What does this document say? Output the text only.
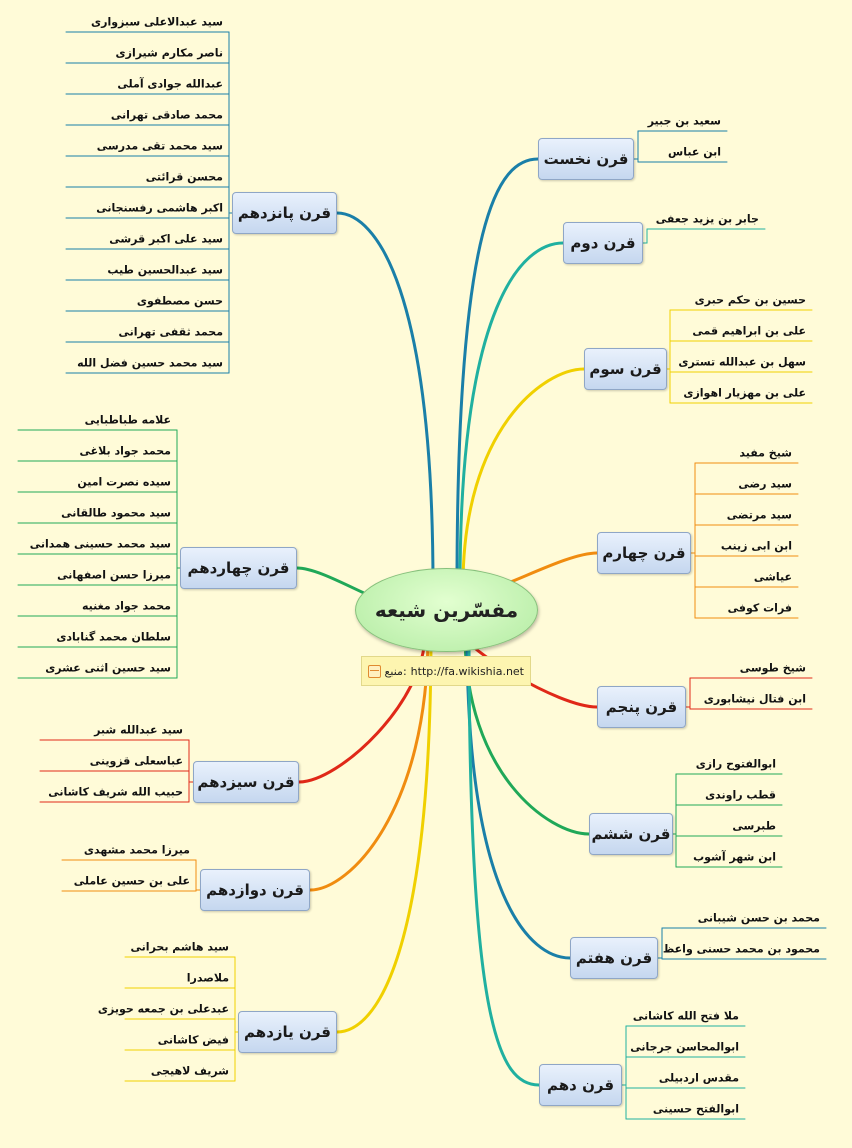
قرن نخست
سعید بن جبیر
ابن عباس
قرن دوم
جابر بن یزید جعفی
قرن سوم
حسین بن حکم حبری
علی بن ابراهیم قمی
سهل بن عبدالله تستری
علی بن مهزیار اهوازی
قرن چهارم
شیخ مفید
سید رضی
سید مرتضی
ابن ابی زینب
عیاشی
فرات کوفی
قرن پنجم
شیخ طوسی
ابن فتال نیشابوری
قرن ششم
ابوالفتوح رازی
قطب راوندی
طبرسی
ابن شهر آشوب
قرن هفتم
محمد بن حسن شیبانی
محمود بن محمد حسنی واعظ
قرن دهم
ملا فتح الله کاشانی
ابوالمحاسن جرجانی
مقدس اردبیلی
ابوالفتح حسینی
قرن یازدهم
سید هاشم بحرانی
ملاصدرا
عبدعلی بن جمعه حویزی
فیض کاشانی
شریف لاهیجی
قرن دوازدهم
میرزا محمد مشهدی
علی بن حسین عاملی
قرن سیزدهم
سید عبدالله شبر
عباسعلی قزوینی
حبیب الله شریف کاشانی
قرن چهاردهم
علامه طباطبایی
محمد جواد بلاغی
سیده نصرت امین
سید محمود طالقانی
سید محمد حسینی همدانی
میرزا حسن اصفهانی
محمد جواد مغنیه
سلطان محمد گنابادی
سید حسین اثنی عشری
قرن پانزدهم
سید عبدالاعلی سبزواری
ناصر مکارم شیرازی
عبدالله جوادی آملی
محمد صادقی تهرانی
سید محمد تقی مدرسی
محسن قرائتی
اکبر هاشمی رفسنجانی
سید علی اکبر قرشی
سید عبدالحسین طیب
حسن مصطفوی
محمد ثقفی تهرانی
سید محمد حسین فضل الله
مفسّرین شیعه
منبع: http://fa.wikishia.net
